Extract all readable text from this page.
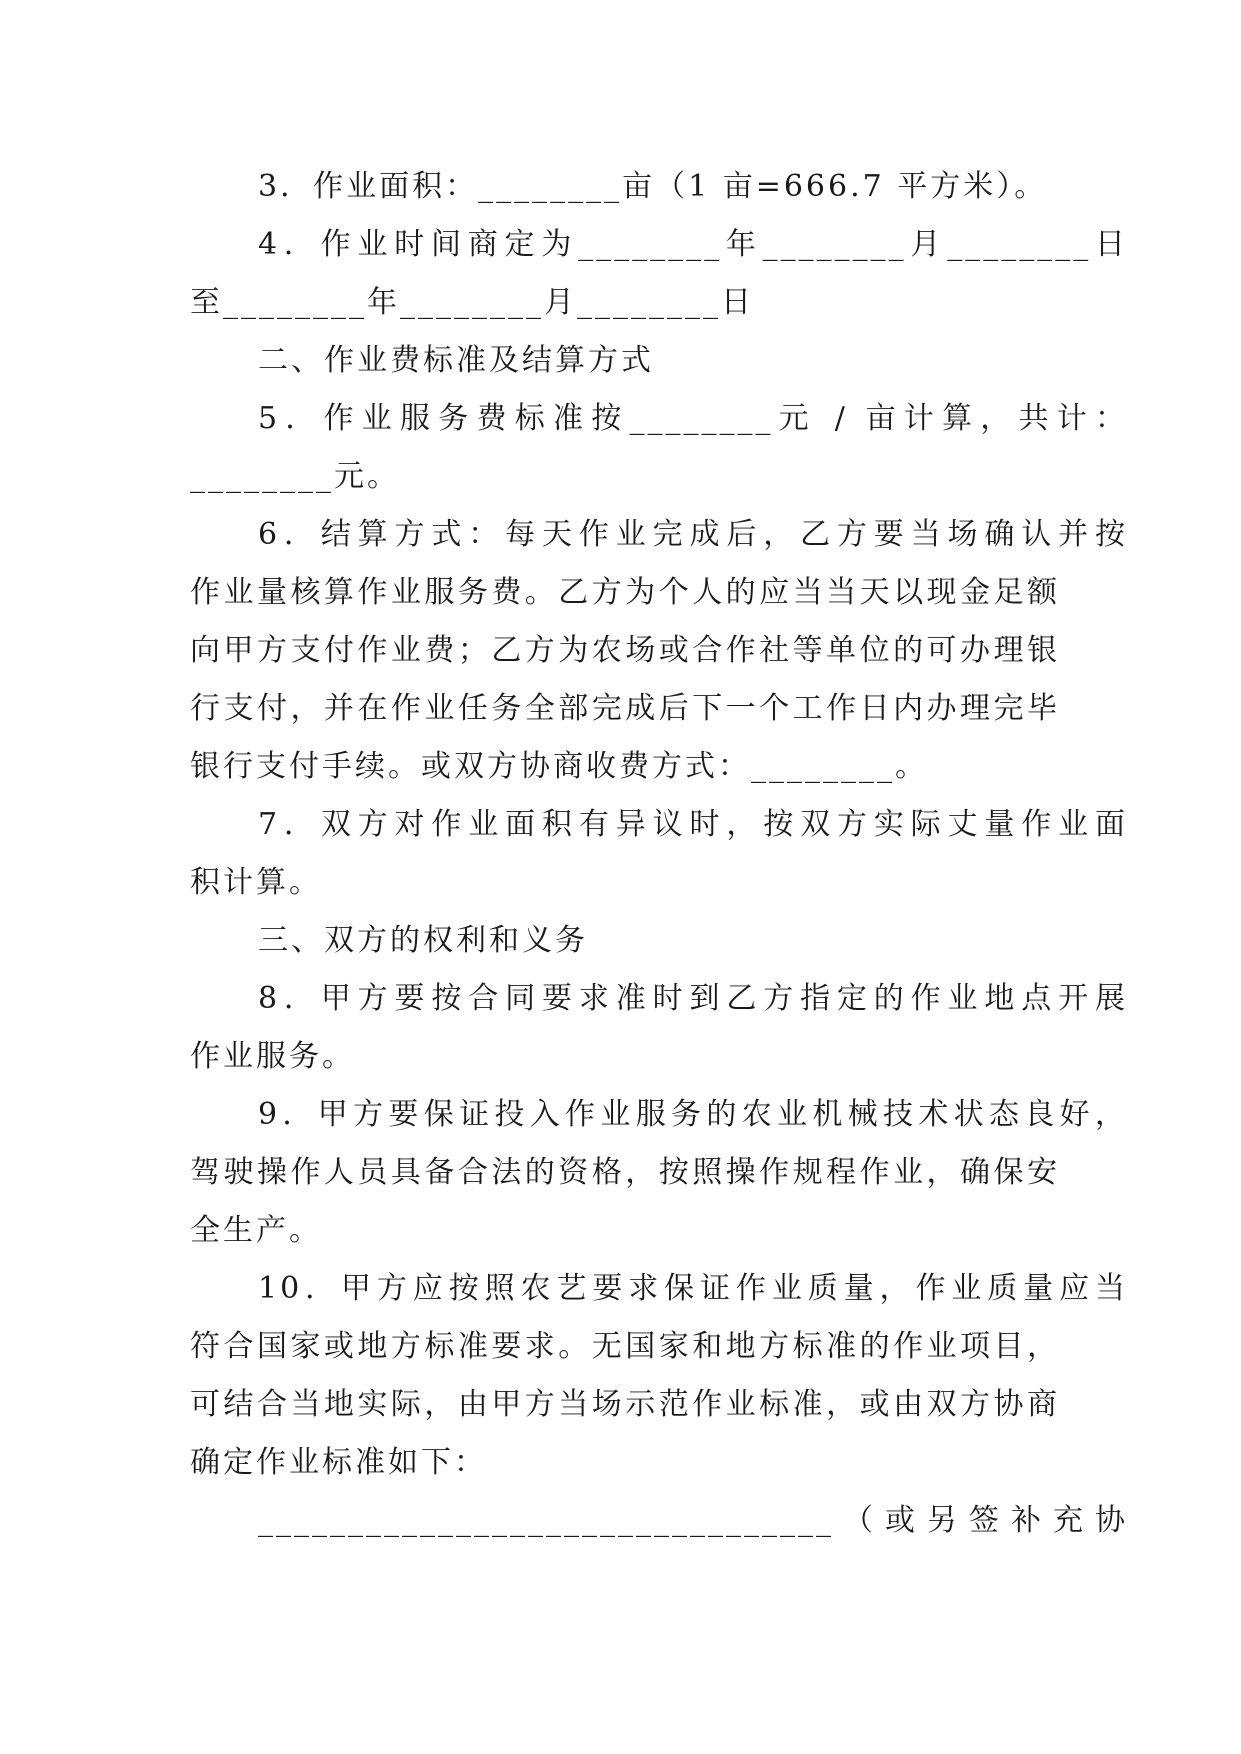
3．作业面积：________亩（1 亩=666.7 平方米）。
4．作业时间商定为________年________月________日
至________年________月________日
二、作业费标准及结算方式
5．作业服务费标准按________元 / 亩计算，共计：
________元。
6．结算方式：每天作业完成后，乙方要当场确认并按
作业量核算作业服务费。乙方为个人的应当当天以现金足额
向甲方支付作业费；乙方为农场或合作社等单位的可办理银
行支付，并在作业任务全部完成后下一个工作日内办理完毕
银行支付手续。或双方协商收费方式：________。
7．双方对作业面积有异议时，按双方实际丈量作业面
积计算。
三、双方的权利和义务
8．甲方要按合同要求准时到乙方指定的作业地点开展
作业服务。
9．甲方要保证投入作业服务的农业机械技术状态良好，
驾驶操作人员具备合法的资格，按照操作规程作业，确保安
全生产。
10．甲方应按照农艺要求保证作业质量，作业质量应当
符合国家或地方标准要求。无国家和地方标准的作业项目，
可结合当地实际，由甲方当场示范作业标准，或由双方协商
确定作业标准如下：
________________________________（或另签补充协
